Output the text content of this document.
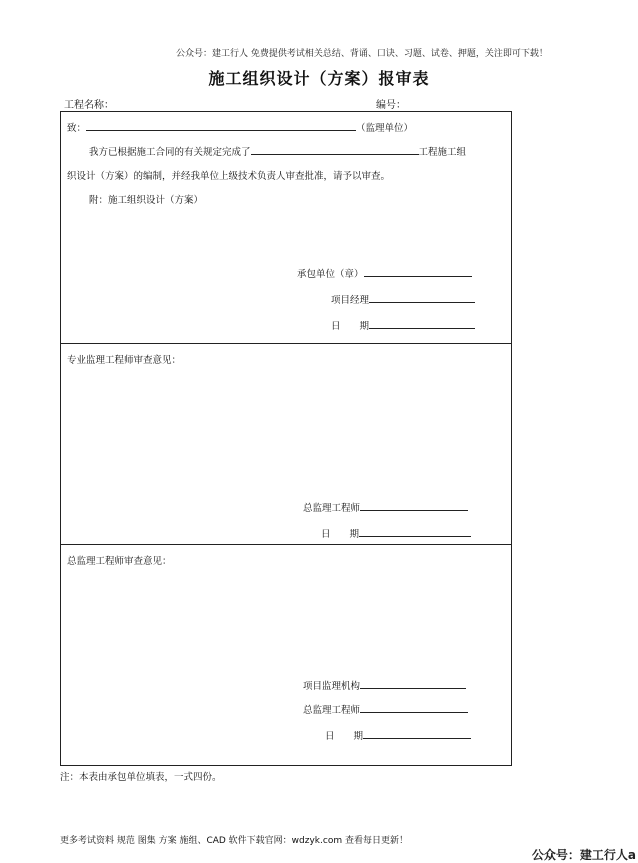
公众号：建工行人 免费提供考试相关总结、背诵、口诀、习题、试卷、押题，关注即可下载！
施工组织设计（方案）报审表
工程名称：	编号：
致：	（监理单位）
我方已根据施工合同的有关规定完成了	工程施工组
织设计（方案）的编制，并经我单位上级技术负责人审查批准，请予以审查。
附：施工组织设计（方案）
承包单位（章）
项目经理
日　　期
专业监理工程师审查意见：
总监理工程师
日　　期
总监理工程师审查意见：
项目监理机构
总监理工程师
日　　期
注：本表由承包单位填表，一式四份。
更多考试资料 规范 图集 方案 施组、CAD 软件下载官网：wdzyk.com 查看每日更新！
公众号：建工行人a
